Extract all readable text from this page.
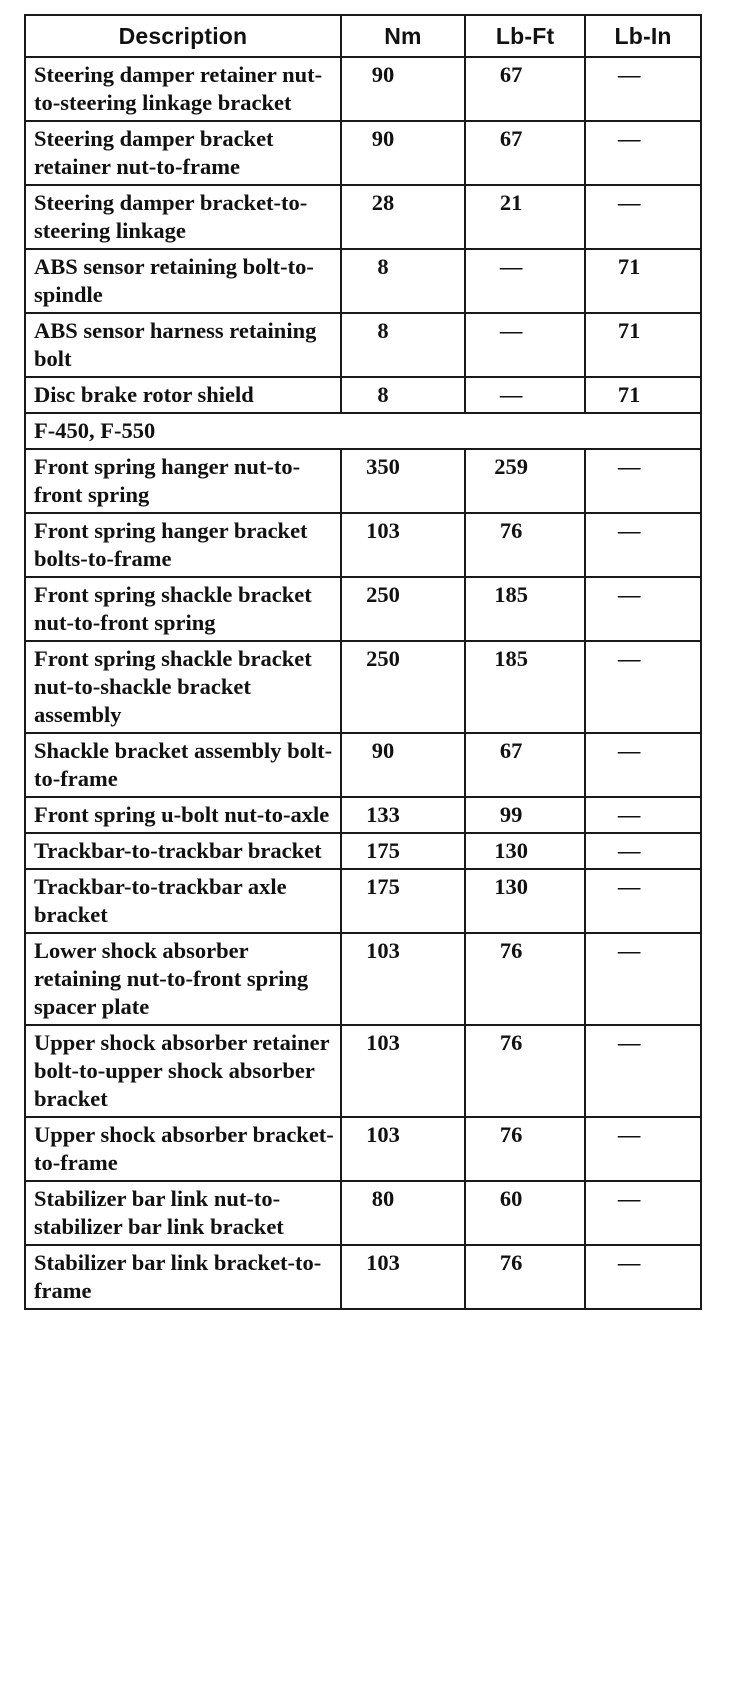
Description	Nm	Lb-Ft	Lb-In
Steering damper retainer nut-to-steering linkage bracket	90	67	—
Steering damper bracket retainer nut-to-frame	90	67	—
Steering damper bracket-to-steering linkage	28	21	—
ABS sensor retaining bolt-to-spindle	8	—	71
ABS sensor harness retaining bolt	8	—	71
Disc brake rotor shield	8	—	71
F-450, F-550			
Front spring hanger nut-to-front spring	350	259	—
Front spring hanger bracket bolts-to-frame	103	76	—
Front spring shackle bracket nut-to-front spring	250	185	—
Front spring shackle bracket nut-to-shackle bracket assembly	250	185	—
Shackle bracket assembly bolt-to-frame	90	67	—
Front spring u-bolt nut-to-axle	133	99	—
Trackbar-to-trackbar bracket	175	130	—
Trackbar-to-trackbar axle bracket	175	130	—
Lower shock absorber retaining nut-to-front spring spacer plate	103	76	—
Upper shock absorber retainer bolt-to-upper shock absorber bracket	103	76	—
Upper shock absorber bracket-to-frame	103	76	—
Stabilizer bar link nut-to-stabilizer bar link bracket	80	60	—
Stabilizer bar link bracket-to-frame	103	76	—
